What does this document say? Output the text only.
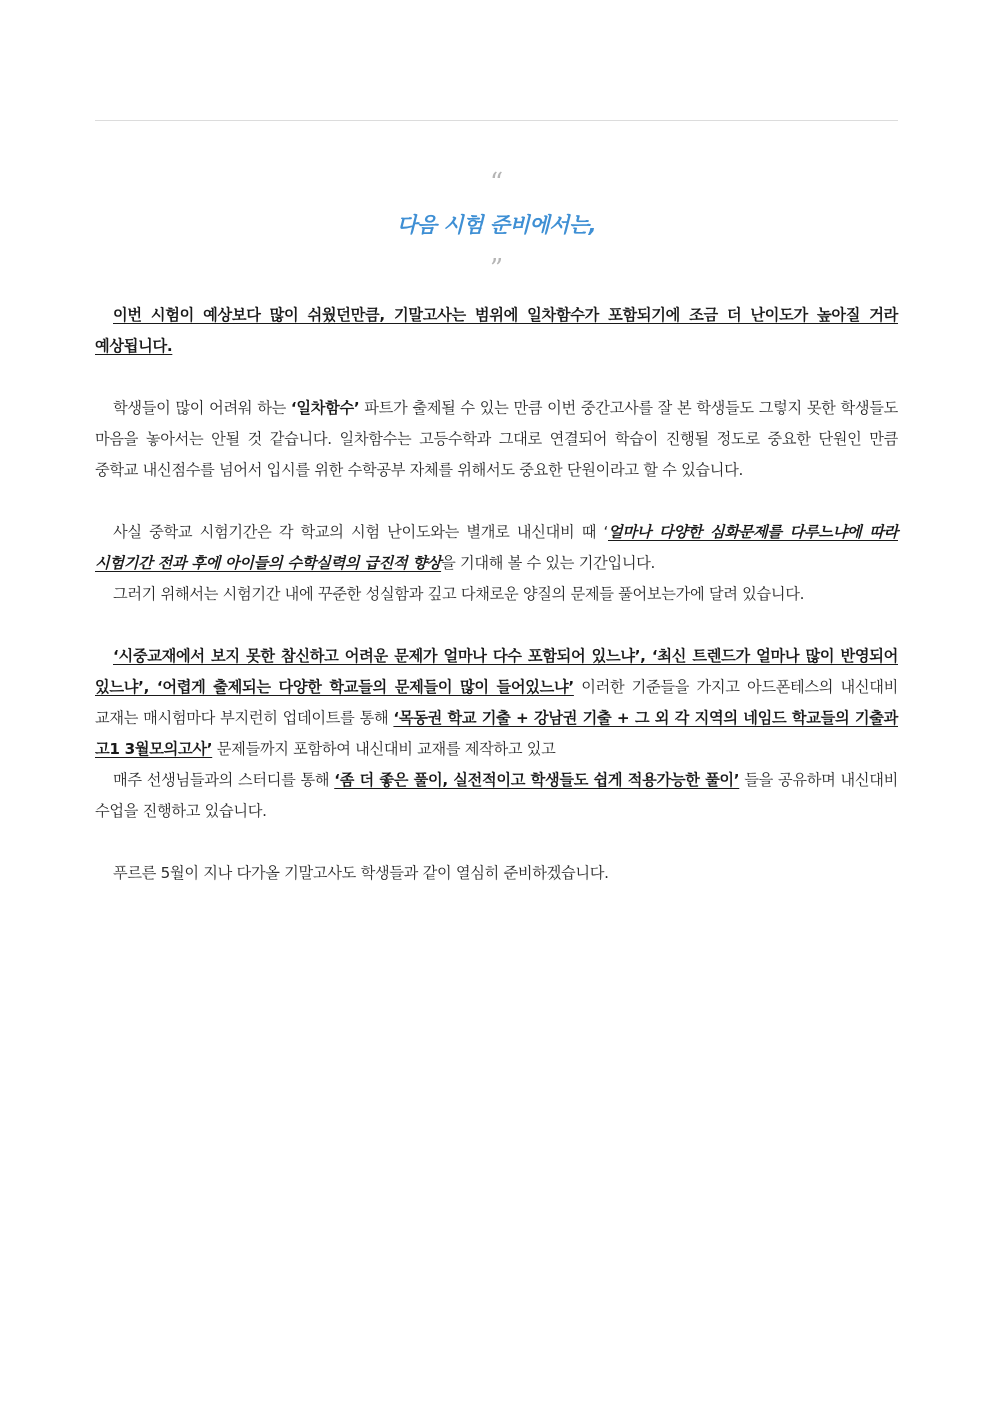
“
다음 시험 준비에서는,
”

이번 시험이 예상보다 많이 쉬웠던만큼, 기말고사는 범위에 일차함수가 포함되기에 조금 더 난이도가 높아질 거라 예상됩니다.

학생들이 많이 어려워 하는 ‘일차함수’ 파트가 출제될 수 있는 만큼 이번 중간고사를 잘 본 학생들도 그렇지 못한 학생들도 마음을 놓아서는 안될 것 같습니다. 일차함수는 고등수학과 그대로 연결되어 학습이 진행될 정도로 중요한 단원인 만큼 중학교 내신점수를 넘어서 입시를 위한 수학공부 자체를 위해서도 중요한 단원이라고 할 수 있습니다.

사실 중학교 시험기간은 각 학교의 시험 난이도와는 별개로 내신대비 때 ‘얼마나 다양한 심화문제를 다루느냐에 따라 시험기간 전과 후에 아이들의 수학실력의 급진적 향상을 기대해 볼 수 있는 기간입니다.

그러기 위해서는 시험기간 내에 꾸준한 성실함과 깊고 다채로운 양질의 문제들 풀어보는가에 달려 있습니다.

‘시중교재에서 보지 못한 참신하고 어려운 문제가 얼마나 다수 포함되어 있느냐’, ‘최신 트렌드가 얼마나 많이 반영되어 있느냐’, ‘어렵게 출제되는 다양한 학교들의 문제들이 많이 들어있느냐’ 이러한 기준들을 가지고 아드폰테스의 내신대비 교재는 매시험마다 부지런히 업데이트를 통해 ‘목동권 학교 기출 + 강남권 기출 + 그 외 각 지역의 네임드 학교들의 기출과 고1 3월모의고사’ 문제들까지 포함하여 내신대비 교재를 제작하고 있고

매주 선생님들과의 스터디를 통해 ‘좀 더 좋은 풀이, 실전적이고 학생들도 쉽게 적용가능한 풀이’ 들을 공유하며 내신대비 수업을 진행하고 있습니다.

푸르른 5월이 지나 다가올 기말고사도 학생들과 같이 열심히 준비하겠습니다.
